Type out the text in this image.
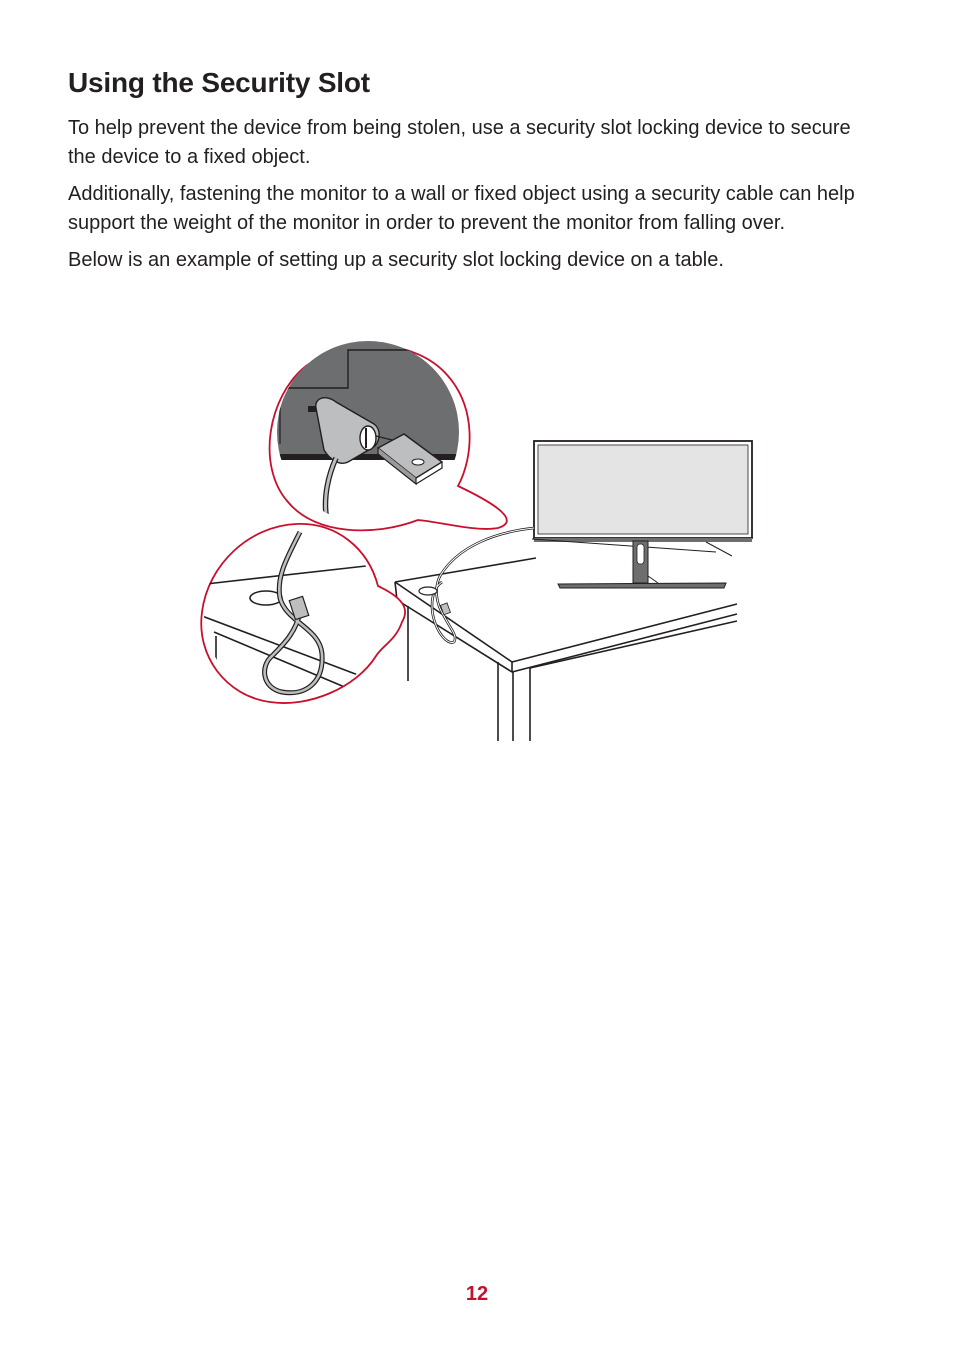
Using the Security Slot

To help prevent the device from being stolen, use a security slot locking device to secure the device to a fixed object.

Additionally, fastening the monitor to a wall or fixed object using a security cable can help support the weight of the monitor in order to prevent the monitor from falling over.

Below is an example of setting up a security slot locking device on a table.

12
